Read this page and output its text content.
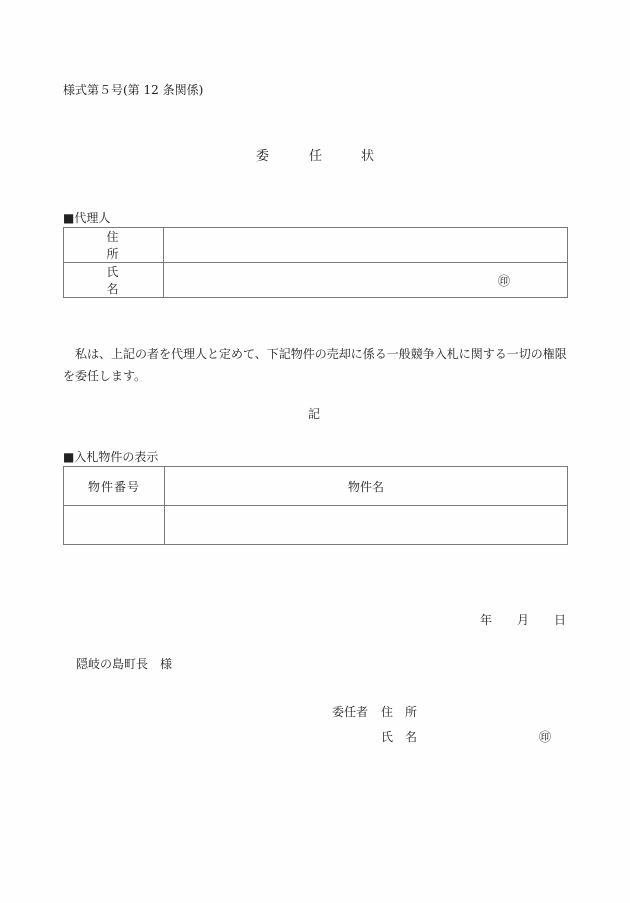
様式第５号(第 12 条関係)
委	任	状
■代理人
住　所	
氏　名	㊞
私は、上記の者を代理人と定めて、下記物件の売却に係る一般競争入札に関する一切の権限を委任します。
記
■入札物件の表示
物件番号	物件名

年 月 日
隠岐の島町長　様
委任者 住　所
氏　名	㊞
